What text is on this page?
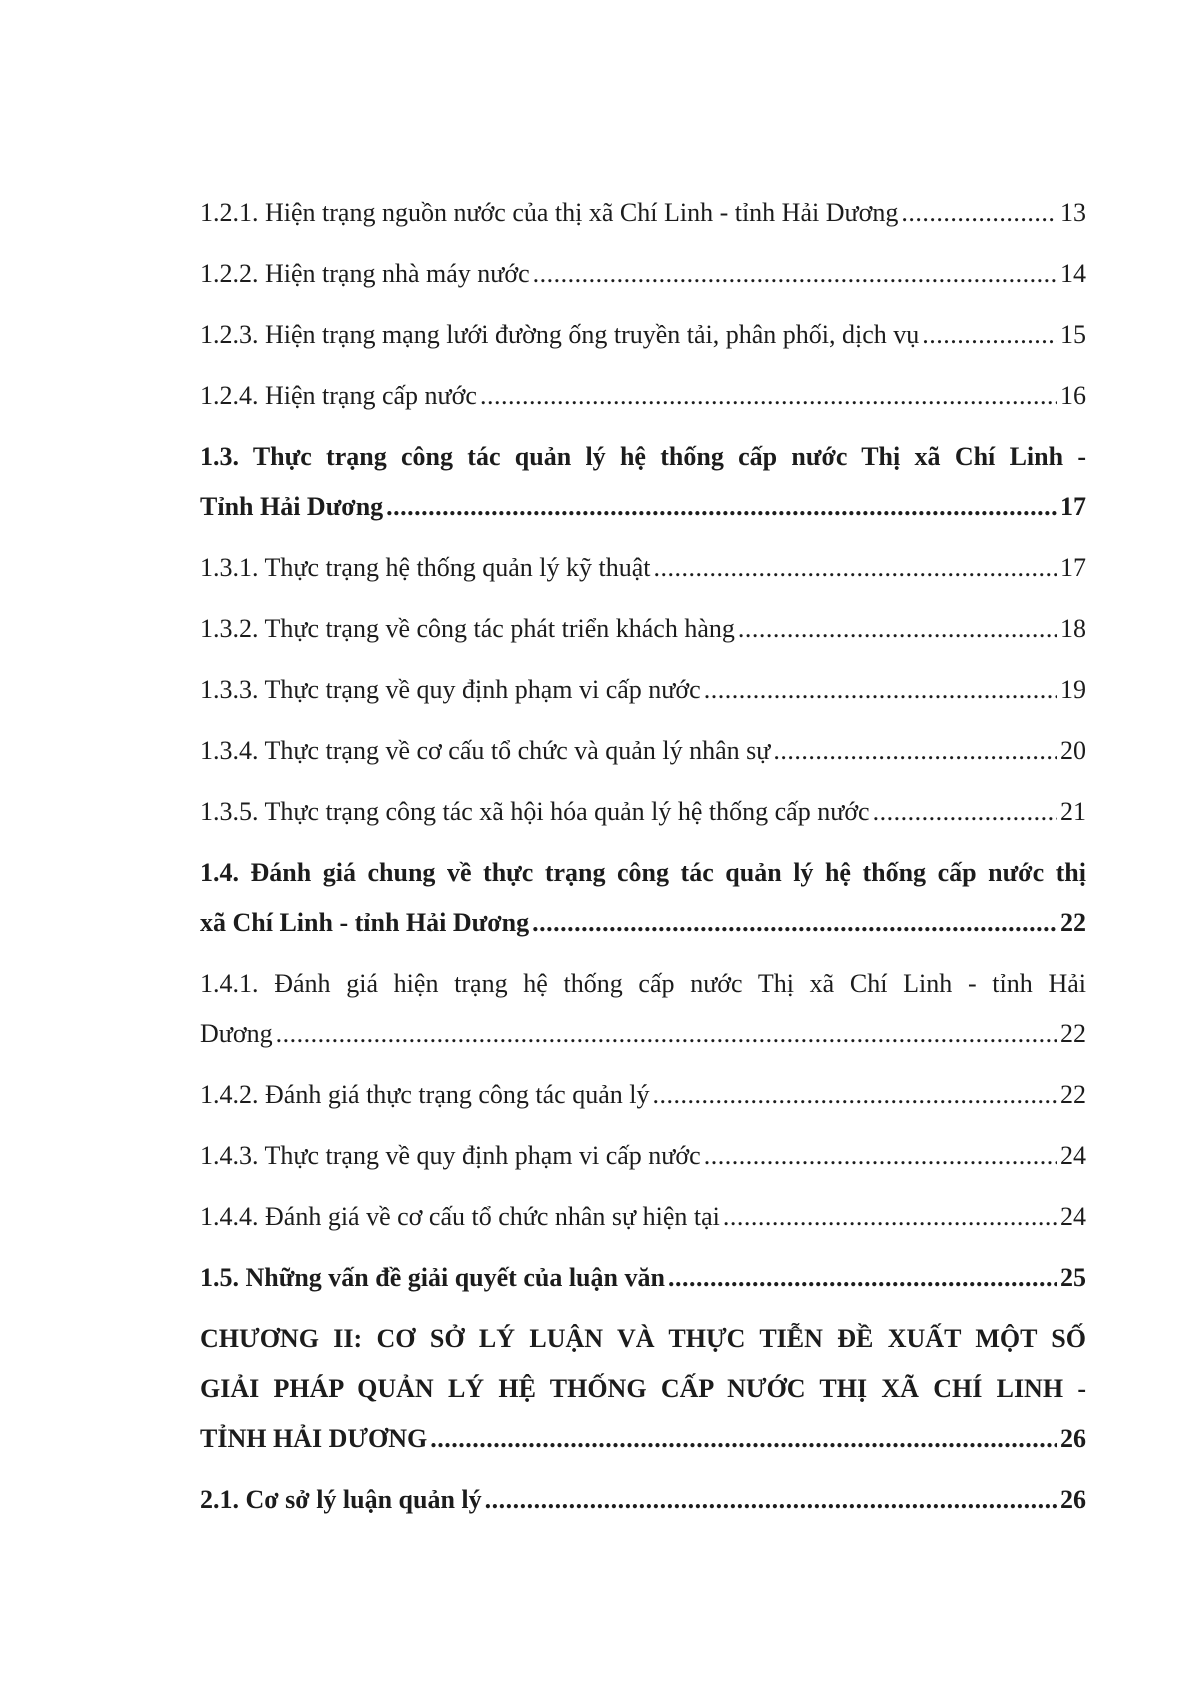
1.2.1. Hiện trạng nguồn nước của thị xã Chí Linh - tỉnh Hải Dương .....	13
1.2.2. Hiện trạng nhà máy nước .....	14
1.2.3. Hiện trạng mạng lưới đường ống truyền tải, phân phối, dịch vụ .....	15
1.2.4. Hiện trạng cấp nước .....	16
1.3. Thực trạng công tác quản lý hệ thống cấp nước Thị xã Chí Linh -
Tỉnh Hải Dương .....	17
1.3.1. Thực trạng hệ thống quản lý kỹ thuật .....	17
1.3.2. Thực trạng về công tác phát triển khách hàng .....	18
1.3.3. Thực trạng về quy định phạm vi cấp nước .....	19
1.3.4. Thực trạng về cơ cấu tổ chức và quản lý nhân sự .....	20
1.3.5. Thực trạng công tác xã hội hóa quản lý hệ thống cấp nước .....	21
1.4. Đánh giá chung về thực trạng công tác quản lý hệ thống cấp nước thị
xã Chí Linh - tỉnh Hải Dương .....	22
1.4.1. Đánh giá hiện trạng hệ thống cấp nước Thị xã Chí Linh - tỉnh Hải
Dương .....	22
1.4.2. Đánh giá thực trạng công tác quản lý .....	22
1.4.3. Thực trạng về quy định phạm vi cấp nước .....	24
1.4.4. Đánh giá về cơ cấu tổ chức nhân sự hiện tại .....	24
1.5. Những vấn đề giải quyết của luận văn .....	25
CHƯƠNG II: CƠ SỞ LÝ LUẬN VÀ THỰC TIỄN ĐỀ XUẤT MỘT SỐ
GIẢI PHÁP QUẢN LÝ HỆ THỐNG CẤP NƯỚC THỊ XÃ CHÍ LINH -
TỈNH HẢI DƯƠNG .....	26
2.1. Cơ sở lý luận quản lý .....	26
